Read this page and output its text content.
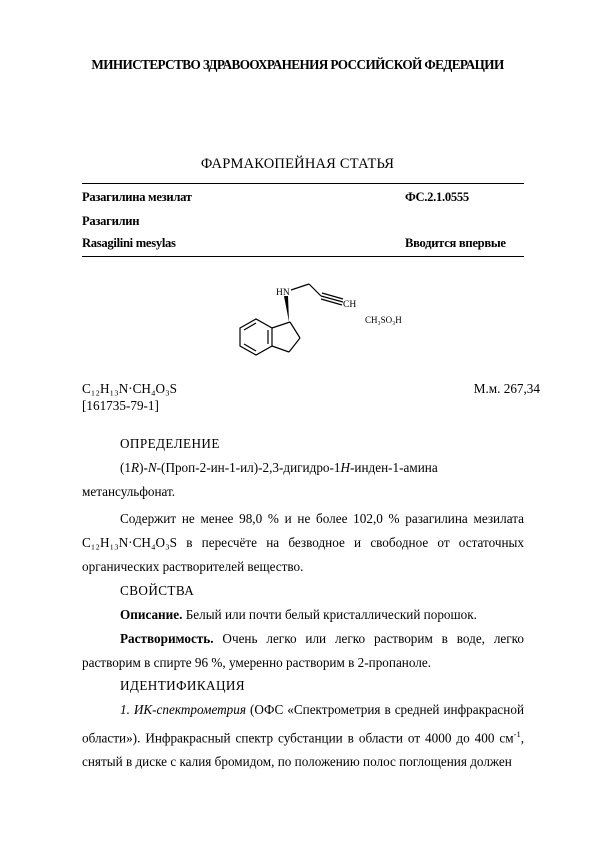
МИНИСТЕРСТВО ЗДРАВООХРАНЕНИЯ РОССИЙСКОЙ ФЕДЕРАЦИИ
ФАРМАКОПЕЙНАЯ СТАТЬЯ
Разагилина мезилат	ФС.2.1.0555
Разагилин
Rasagilini mesylas	Вводится впервые
HN
CH
CH₃SO₃H
C₁₂H₁₃N·CH₄O₃S	М.м. 267,34
[161735-79-1]
ОПРЕДЕЛЕНИЕ
(1R)-N-(Проп-2-ин-1-ил)-2,3-дигидро-1H-инден-1-амина метансульфонат.
Содержит не менее 98,0 % и не более 102,0 % разагилина мезилата C₁₂H₁₃N·CH₄O₃S в пересчёте на безводное и свободное от остаточных органических растворителей вещество.
СВОЙСТВА
Описание. Белый или почти белый кристаллический порошок.
Растворимость. Очень легко или легко растворим в воде, легко растворим в спирте 96 %, умеренно растворим в 2-пропаноле.
ИДЕНТИФИКАЦИЯ
1. ИК-спектрометрия (ОФС «Спектрометрия в средней инфракрасной области»). Инфракрасный спектр субстанции в области от 4000 до 400 $см^{-1}$, снятый в диске с калия бромидом, по положению полос поглощения должен
